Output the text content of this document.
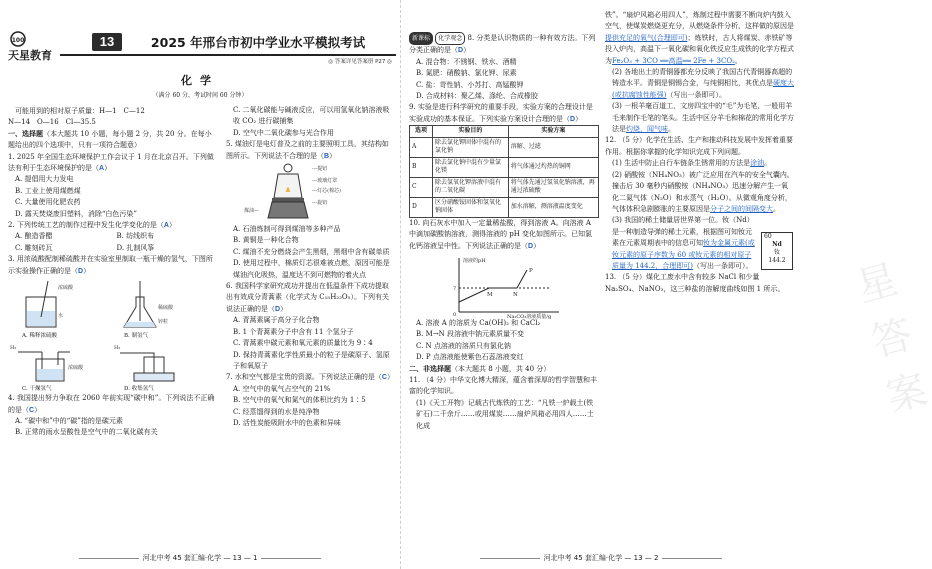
100
天星教育
13	2025 年邢台市初中学业水平模拟考试
◎ 答案详见答案册 P27 ◎
化学
（满分 60 分，考试时间 60 分钟）

可能用到的相对原子质量：H—1　C—12

N—14　O—16　Cl—35.5

一、选择题（本大题共 10 小题，每小题 2 分，共 20 分。在每小题给出的四个选项中，只有一项符合题意）

1. 2025 年全国生态环境保护工作会议于 1 月在北京召开。下列做法有利于生态环境保护的是（A）

A. 提倡用大力发电

B. 工业上使用煤燃煤

C. 大量使用化肥农药

D. 露天焚烧废旧塑料，消除“白色污染”

2. 下列传统工艺的制作过程中发生化学变化的是（A）

A. 酿造香醋	B. 纺线织布
C. 雕刻砖瓦	D. 扎制风筝

3. 用浓硫酸配制稀硫酸并在实验室里制取一瓶干燥的氢气，下图所示实验操作正确的是（D）

浓硫酸
水
A. 稀释浓硫酸
稀硫酸
锌粒
B. 制氢气
H₂
浓硫酸
C. 干燥氢气
H₂
D. 收集氢气

4. 我国提出努力争取在 2060 年前实现“碳中和”。下列说法不正确的是（C）

A. “碳中和”中的“碳”指的是碳元素

B. 正常的雨水呈酸性是空气中的二氧化碳有关

C. 二氧化碳能与碱液反应，可以用氢氧化钠溶液吸收 CO₂ 进行碳捕集

D. 空气中二氧化碳参与光合作用

5. 煤油灯是电灯普及之前的主要照明工具，其结构如图所示。下列说法不合理的是（B）

---提钮
---玻璃灯罩
---灯芯(棉芯)
---旋钮
煤油—

A. 石油炼制可得到煤油等多种产品

B. 黄铜是一种化合物

C. 煤油不充分燃烧会产生黑烟，黑烟中含有碳单质

D. 使用过程中，棉质灯芯很难被点燃，原因可能是煤油汽化吸热，温度达不到可燃物的着火点

6. 我国科学家研究成功并提出在低温条件下成功提取出有效成分青蒿素（化学式为 C₁₅H₂₂O₅）。下列有关说法正确的是（D）

A. 青蒿素属于高分子化合物

B. 1 个青蒿素分子中含有 11 个氢分子

C. 青蒿素中碳元素和氧元素的质量比为 9∶4

D. 保持青蒿素化学性质最小的粒子是碳原子、氢原子和氧原子

7. 水和空气都是宝贵的资源。下列说法正确的是（C）

A. 空气中的氧气占空气的 21%

B. 空气中的氧气和氮气的体积比约为 1∶5

C. 经蒸馏得到的水是纯净物

D. 活性炭能吸附水中的色素和异味

河北中考 45 套汇编·化学 — 13 — 1
星答案

新课标 化学观念 8. 分类是认识物质的一种有效方法。下列分类正确的是（D）

A. 混合物：不锈钢、铁水、酒精

B. 氮肥：硝酸钠、氯化钾、尿素

C. 盐：苛性钠、小苏打、高锰酸钾

D. 合成材料：聚乙烯、涤纶、合成橡胶

9. 实验是进行科学研究的重要手段，实验方案的合理设计是实验成功的基本保证。下列实验方案设计合理的是（D）

选项	实验目的	实验方案
A	除去氯化钾固体中混有的氯化钠	溶解、过滤
B	除去氯化钠中混有少量氯化镁	将气体通过灼热的铜网
C	除去氢氧化钾溶液中混有的二氧化碳	将气体先通过氢氧化钠溶液，再通过浓硫酸
D	区分硝酸铵固体和氢氧化钠固体	加水溶解，测溶液温度变化

10. 向石灰水中加入一定量稀盐酸，得到溶液 A。向溶液 A 中滴加碳酸钠溶液，测得溶液的 pH 变化如图所示。已知氯化钙溶液呈中性。下列说法正确的是（D）

溶液的pH
Na₂CO₃溶液质量/g
0
7
M	N
P

A. 溶液 A 的溶质为 Ca(OH)₂ 和 CaCl₂

B. M→N 段溶液中钠元素质量不变

C. N 点溶液的溶质只有氯化钠

D. P 点溶液能使紫色石蕊溶液变红

二、非选择题（本大题共 8 小题，共 40 分）

11. （4 分）中华文化博大精深，蕴含着深厚的哲学智慧和丰富的化学知识。

(1)《天工开物》记载古代炼铁的工艺：“凡铁一炉载土(铁矿石)二千余斤……或用煤炭……扇炉风箱必用四人……土化成

铁”。“扇炉风箱必用四人”，炼制过程中需要不断向炉内鼓入空气，使煤炭燃烧更充分，从燃烧条件分析，这样做的原因是提供充足的氧气(合理即可)；炼铁时，古人将煤炭、赤铁矿等投入炉内，高温下一氧化碳和氧化铁反应生成铁的化学方程式为Fe₂O₃ + 3CO ══高温══ 2Fe + 3CO₂。

(2) 各地出土的青铜器都充分反映了我国古代青铜器高超的铸造水平。青铜是铜锡合金，与纯铜相比，其优点是硬度大(或抗腐蚀性能强)（写出一条即可）。

(3) 一根羊毫百道工，文房四宝中的“毛”为毛笔，一般用羊毛来制作毛笔的笔头。生活中区分羊毛和棉花的常用化学方法是灼烧，闻气味。

12. （5 分）化学在生活、生产和推动科技发展中发挥着重要作用。根据你掌握的化学知识完成下列问题。

(1) 生活中防止自行车链条生锈常用的方法是涂油。

(2) 硝酸铵（NH₄NO₃）被广泛应用在汽车的安全气囊内。撞击后 30 毫秒内硝酸铵（NH₄NO₃）迅速分解产生一氧化二氮气体（N₂O）和水蒸气（H₂O）。从微观角度分析，气体体积急剧膨胀的主要原因是分子之间的间隔变大。

(3) 我国的稀土储量居世界第一位。钕（Nd）是一种制造导弹的稀土元素，根据图可知钕元素在元素周期表中的信息可知钕为金属元素(或钕元素的原子序数为 60 或钕元素的相对原子质量为 144.2，合理即可)（写出一条即可）。

60
Nd
钕
144.2

13. （5 分）煤化工废水中含有较多 NaCl 和少量 Na₂SO₄、NaNO₃，这三种盐的溶解度曲线如图 1 所示。

河北中考 45 套汇编·化学 — 13 — 2
